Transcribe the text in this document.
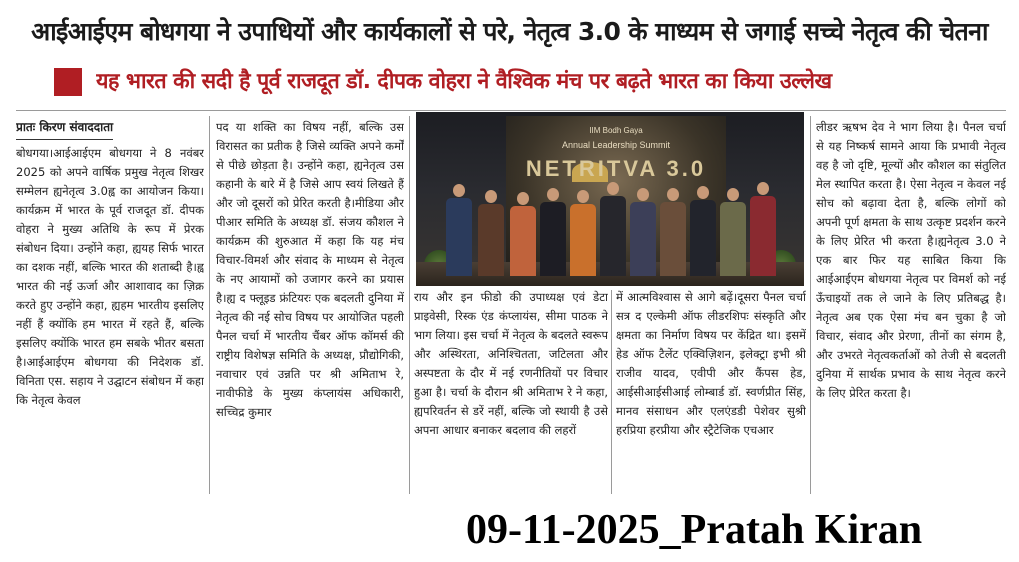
आईआईएम बोधगया ने उपाधियों और कार्यकालों से परे, नेतृत्व 3.0 के माध्यम से जगाई सच्चे नेतृत्व की चेतना
यह भारत की सदी है पूर्व राजदूत डॉ. दीपक वोहरा ने वैश्विक मंच पर बढ़ते भारत का किया उल्लेख
प्रातः किरण संवाददाता

बोधगया।आईआईएम बोधगया ने 8 नवंबर 2025 को अपने वार्षिक प्रमुख नेतृत्व शिखर सम्मेलन ह्यनेतृत्व 3.0ह्व का आयोजन किया। कार्यक्रम में भारत के पूर्व राजदूत डॉ. दीपक वोहरा ने मुख्य अतिथि के रूप में प्रेरक संबोधन दिया। उन्होंने कहा, ह्ययह सिर्फ भारत का दशक नहीं, बल्कि भारत की शताब्दी है।ह्व भारत की नई ऊर्जा और आशावाद का ज़िक्र करते हुए उन्होंने कहा, ह्यहम भारतीय इसलिए नहीं हैं क्योंकि हम भारत में रहते हैं, बल्कि इसलिए क्योंकि भारत हम सबके भीतर बसता है।आईआईएम बोधगया की निदेशक डॉ. विनिता एस. सहाय ने उद्घाटन संबोधन में कहा कि नेतृत्व केवल

पद या शक्ति का विषय नहीं, बल्कि उस विरासत का प्रतीक है जिसे व्यक्ति अपने कर्मों से पीछे छोड़ता है। उन्होंने कहा, ह्यनेतृत्व उस कहानी के बारे में है जिसे आप स्वयं लिखते हैं और जो दूसरों को प्रेरित करती है।मीडिया और पीआर समिति के अध्यक्ष डॉ. संजय कौशल ने कार्यक्रम की शुरुआत में कहा कि यह मंच विचार-विमर्श और संवाद के माध्यम से नेतृत्व के नए आयामों को उजागर करने का प्रयास है।ह्य द फ्लूइड फ्रंटियरः एक बदलती दुनिया में नेतृत्व की नई सोच विषय पर आयोजित पहली पैनल चर्चा में भारतीय चैंबर ऑफ कॉमर्स की राष्ट्रीय विशेषज्ञ समिति के अध्यक्ष, प्रौद्योगिकी, नवाचार एवं उन्नति पर श्री अमिताभ रे, नावीफीडे के मुख्य कंप्लायंस अधिकारी, सच्चिद्र कुमार

IIM Bodh Gaya
Annual Leadership Summit
NETRITVA 3.0

राय और इन फीडो की उपाध्यक्ष एवं डेटा प्राइवेसी, रिस्क एंड कंप्लायंस, सीमा पाठक ने भाग लिया। इस चर्चा में नेतृत्व के बदलते स्वरूप और अस्थिरता, अनिश्चितता, जटिलता और अस्पष्टता के दौर में नई रणनीतियों पर विचार हुआ है। चर्चा के दौरान श्री अमिताभ रे ने कहा, ह्यपरिवर्तन से डरें नहीं, बल्कि जो स्थायी है उसे अपना आधार बनाकर बदलाव की लहरों

में आत्मविश्वास से आगे बढ़ें।दूसरा पैनल चर्चा सत्र द एल्केमी ऑफ लीडरशिपः संस्कृति और क्षमता का निर्माण विषय पर केंद्रित था। इसमें हेड ऑफ टैलेंट एक्विज़िशन, इलेक्ट्रा इभी श्री राजीव यादव, एवीपी और कैंपस हेड, आईसीआईसीआई लोम्बार्ड डॉ. स्वर्णप्रीत सिंह, मानव संसाधन और एलएंडडी पेशेवर सुश्री हरप्रिया हरप्रीया और स्ट्रैटेजिक एचआर

लीडर ऋषभ देव ने भाग लिया है। पैनल चर्चा से यह निष्कर्ष सामने आया कि प्रभावी नेतृत्व वह है जो दृष्टि, मूल्यों और कौशल का संतुलित मेल स्थापित करता है। ऐसा नेतृत्व न केवल नई सोच को बढ़ावा देता है, बल्कि लोगों को अपनी पूर्ण क्षमता के साथ उत्कृष्ट प्रदर्शन करने के लिए प्रेरित भी करता है।ह्यनेतृत्व 3.0 ने एक बार फिर यह साबित किया कि आईआईएम बोधगया नेतृत्व पर विमर्श को नई ऊँचाइयों तक ले जाने के लिए प्रतिबद्ध है। नेतृत्व अब एक ऐसा मंच बन चुका है जो विचार, संवाद और प्रेरणा, तीनों का संगम है, और उभरते नेतृत्वकर्ताओं को तेजी से बदलती दुनिया में सार्थक प्रभाव के साथ नेतृत्व करने के लिए प्रेरित करता है।

09-11-2025_Pratah Kiran
